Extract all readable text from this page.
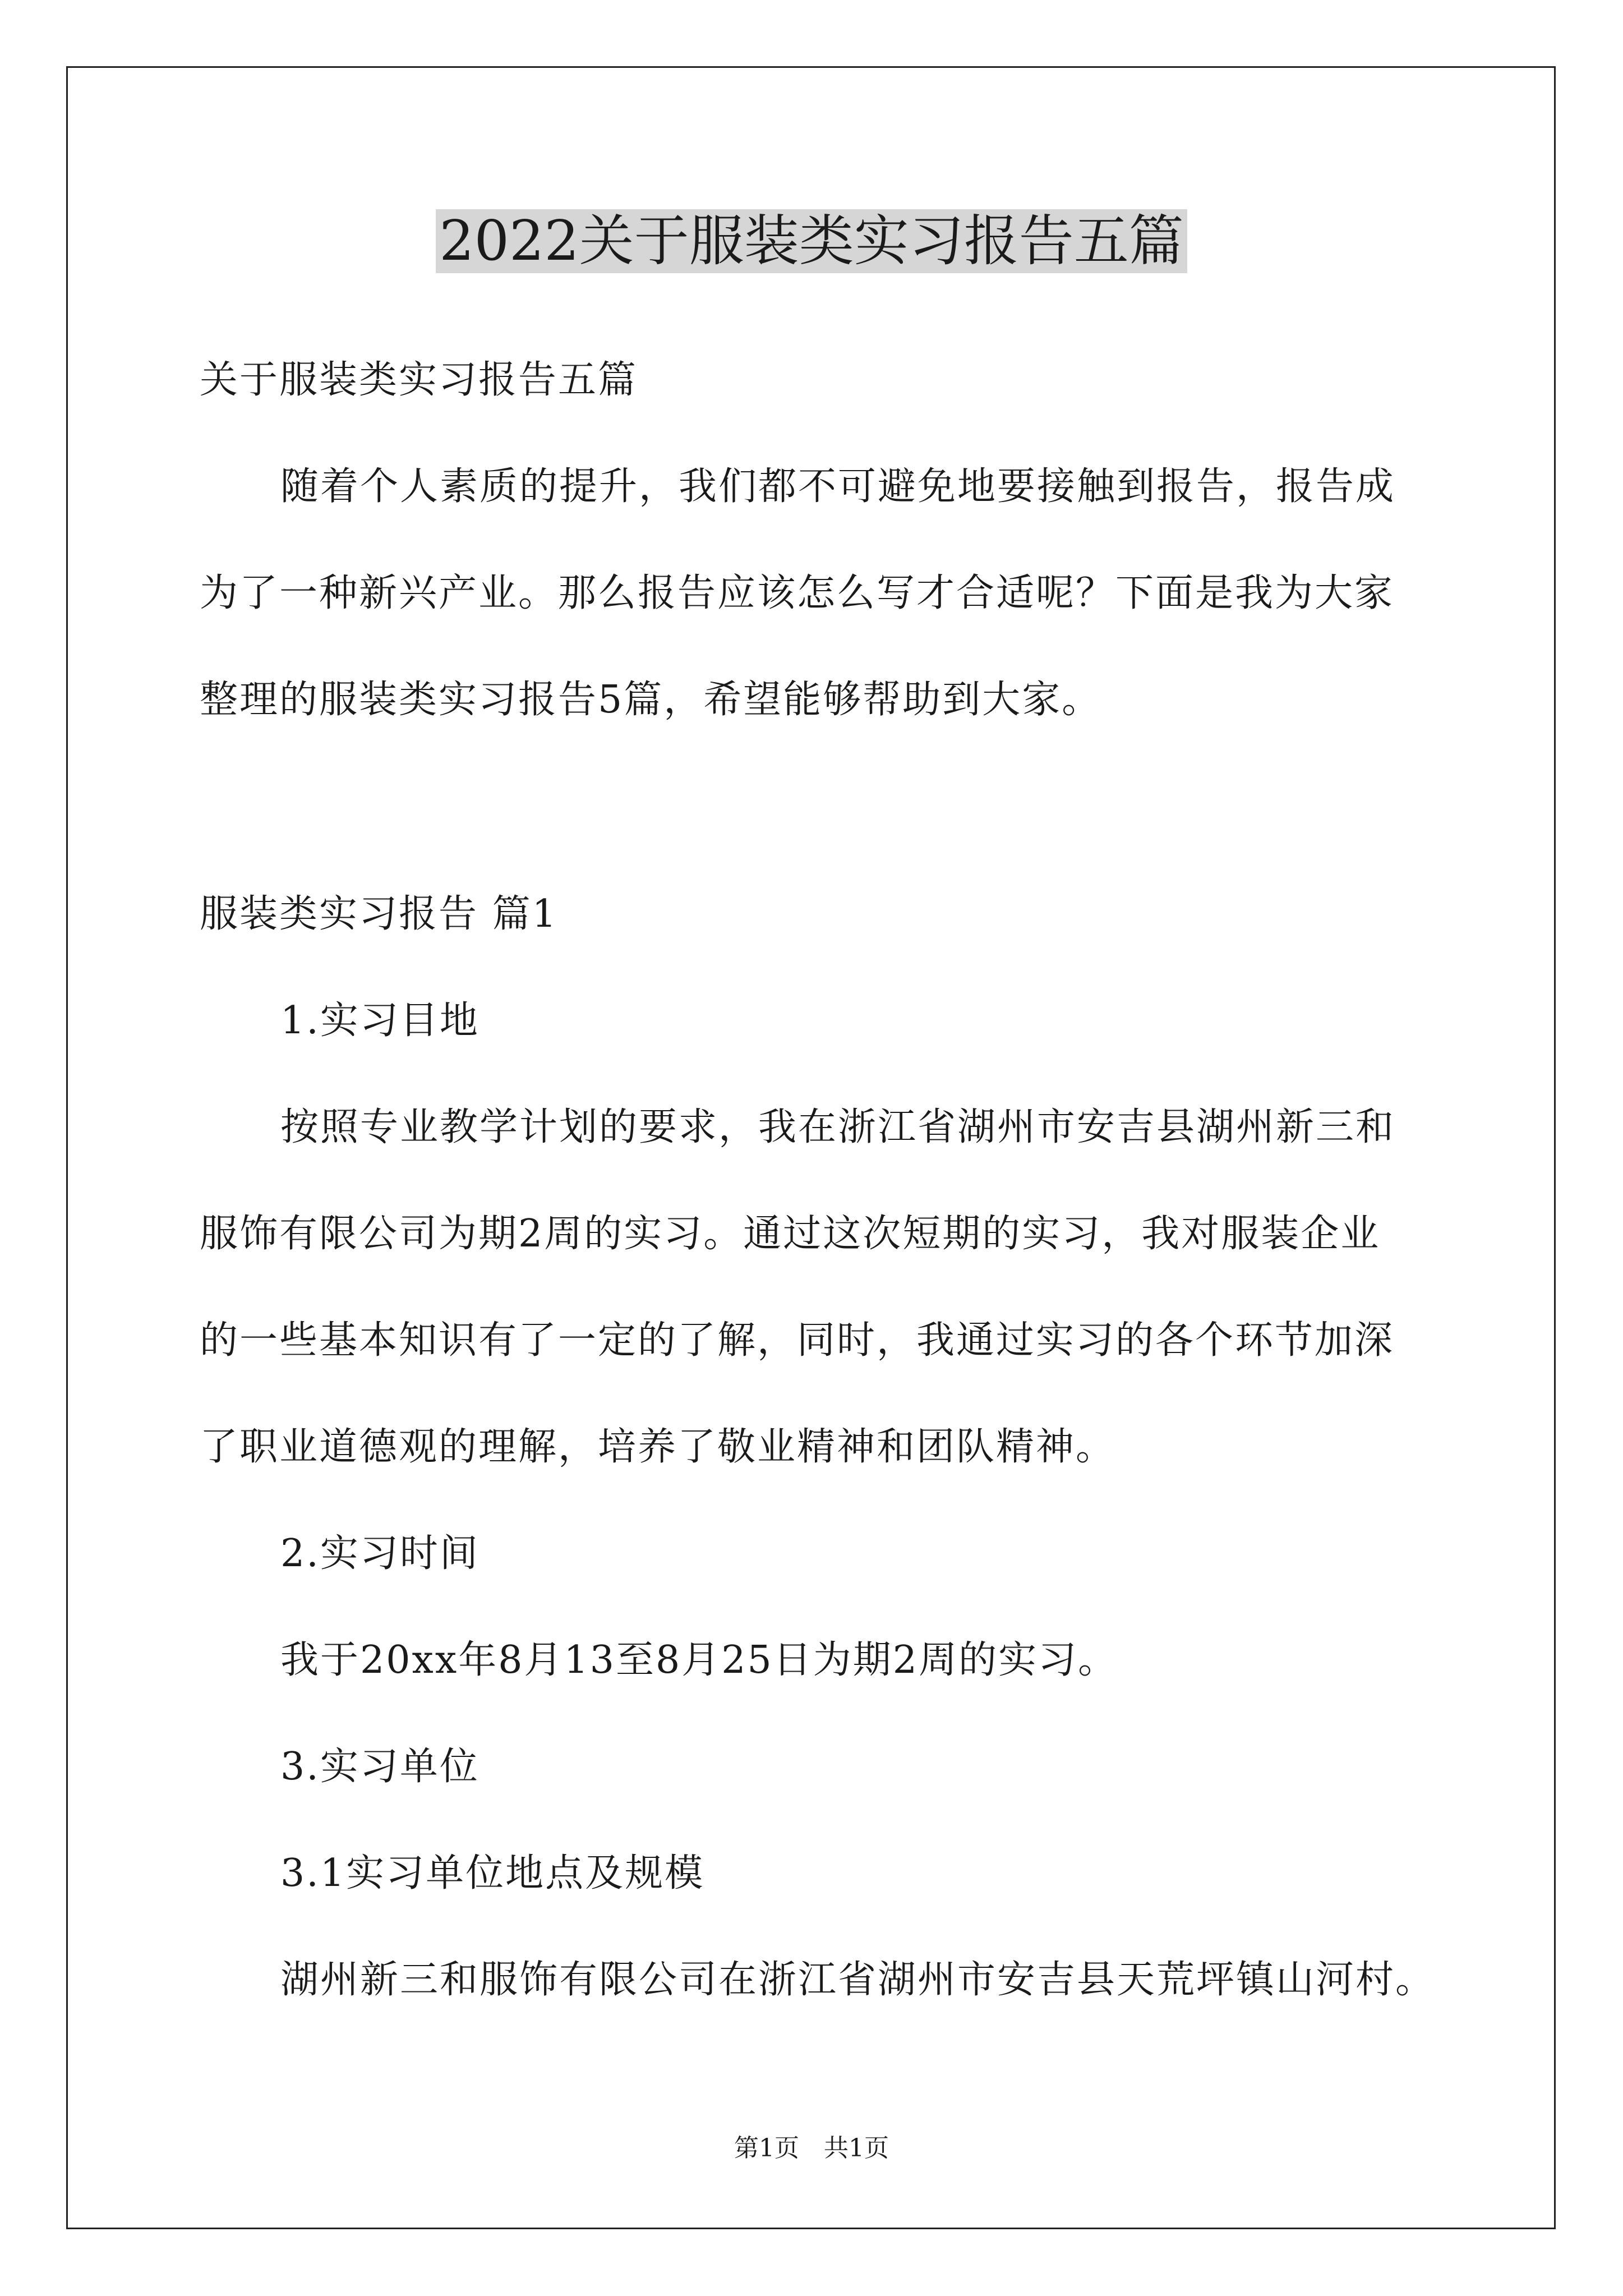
2022关于服装类实习报告五篇
关于服装类实习报告五篇
随着个人素质的提升，我们都不可避免地要接触到报告，报告成
为了一种新兴产业。那么报告应该怎么写才合适呢？下面是我为大家
整理的服装类实习报告5篇，希望能够帮助到大家。
服装类实习报告 篇1
1.实习目地
按照专业教学计划的要求，我在浙江省湖州市安吉县湖州新三和
服饰有限公司为期2周的实习。通过这次短期的实习，我对服装企业
的一些基本知识有了一定的了解，同时，我通过实习的各个环节加深
了职业道德观的理解，培养了敬业精神和团队精神。
2.实习时间
我于20xx年8月13至8月25日为期2周的实习。
3.实习单位
3.1实习单位地点及规模
湖州新三和服饰有限公司在浙江省湖州市安吉县天荒坪镇山河村。
第1页　共1页
